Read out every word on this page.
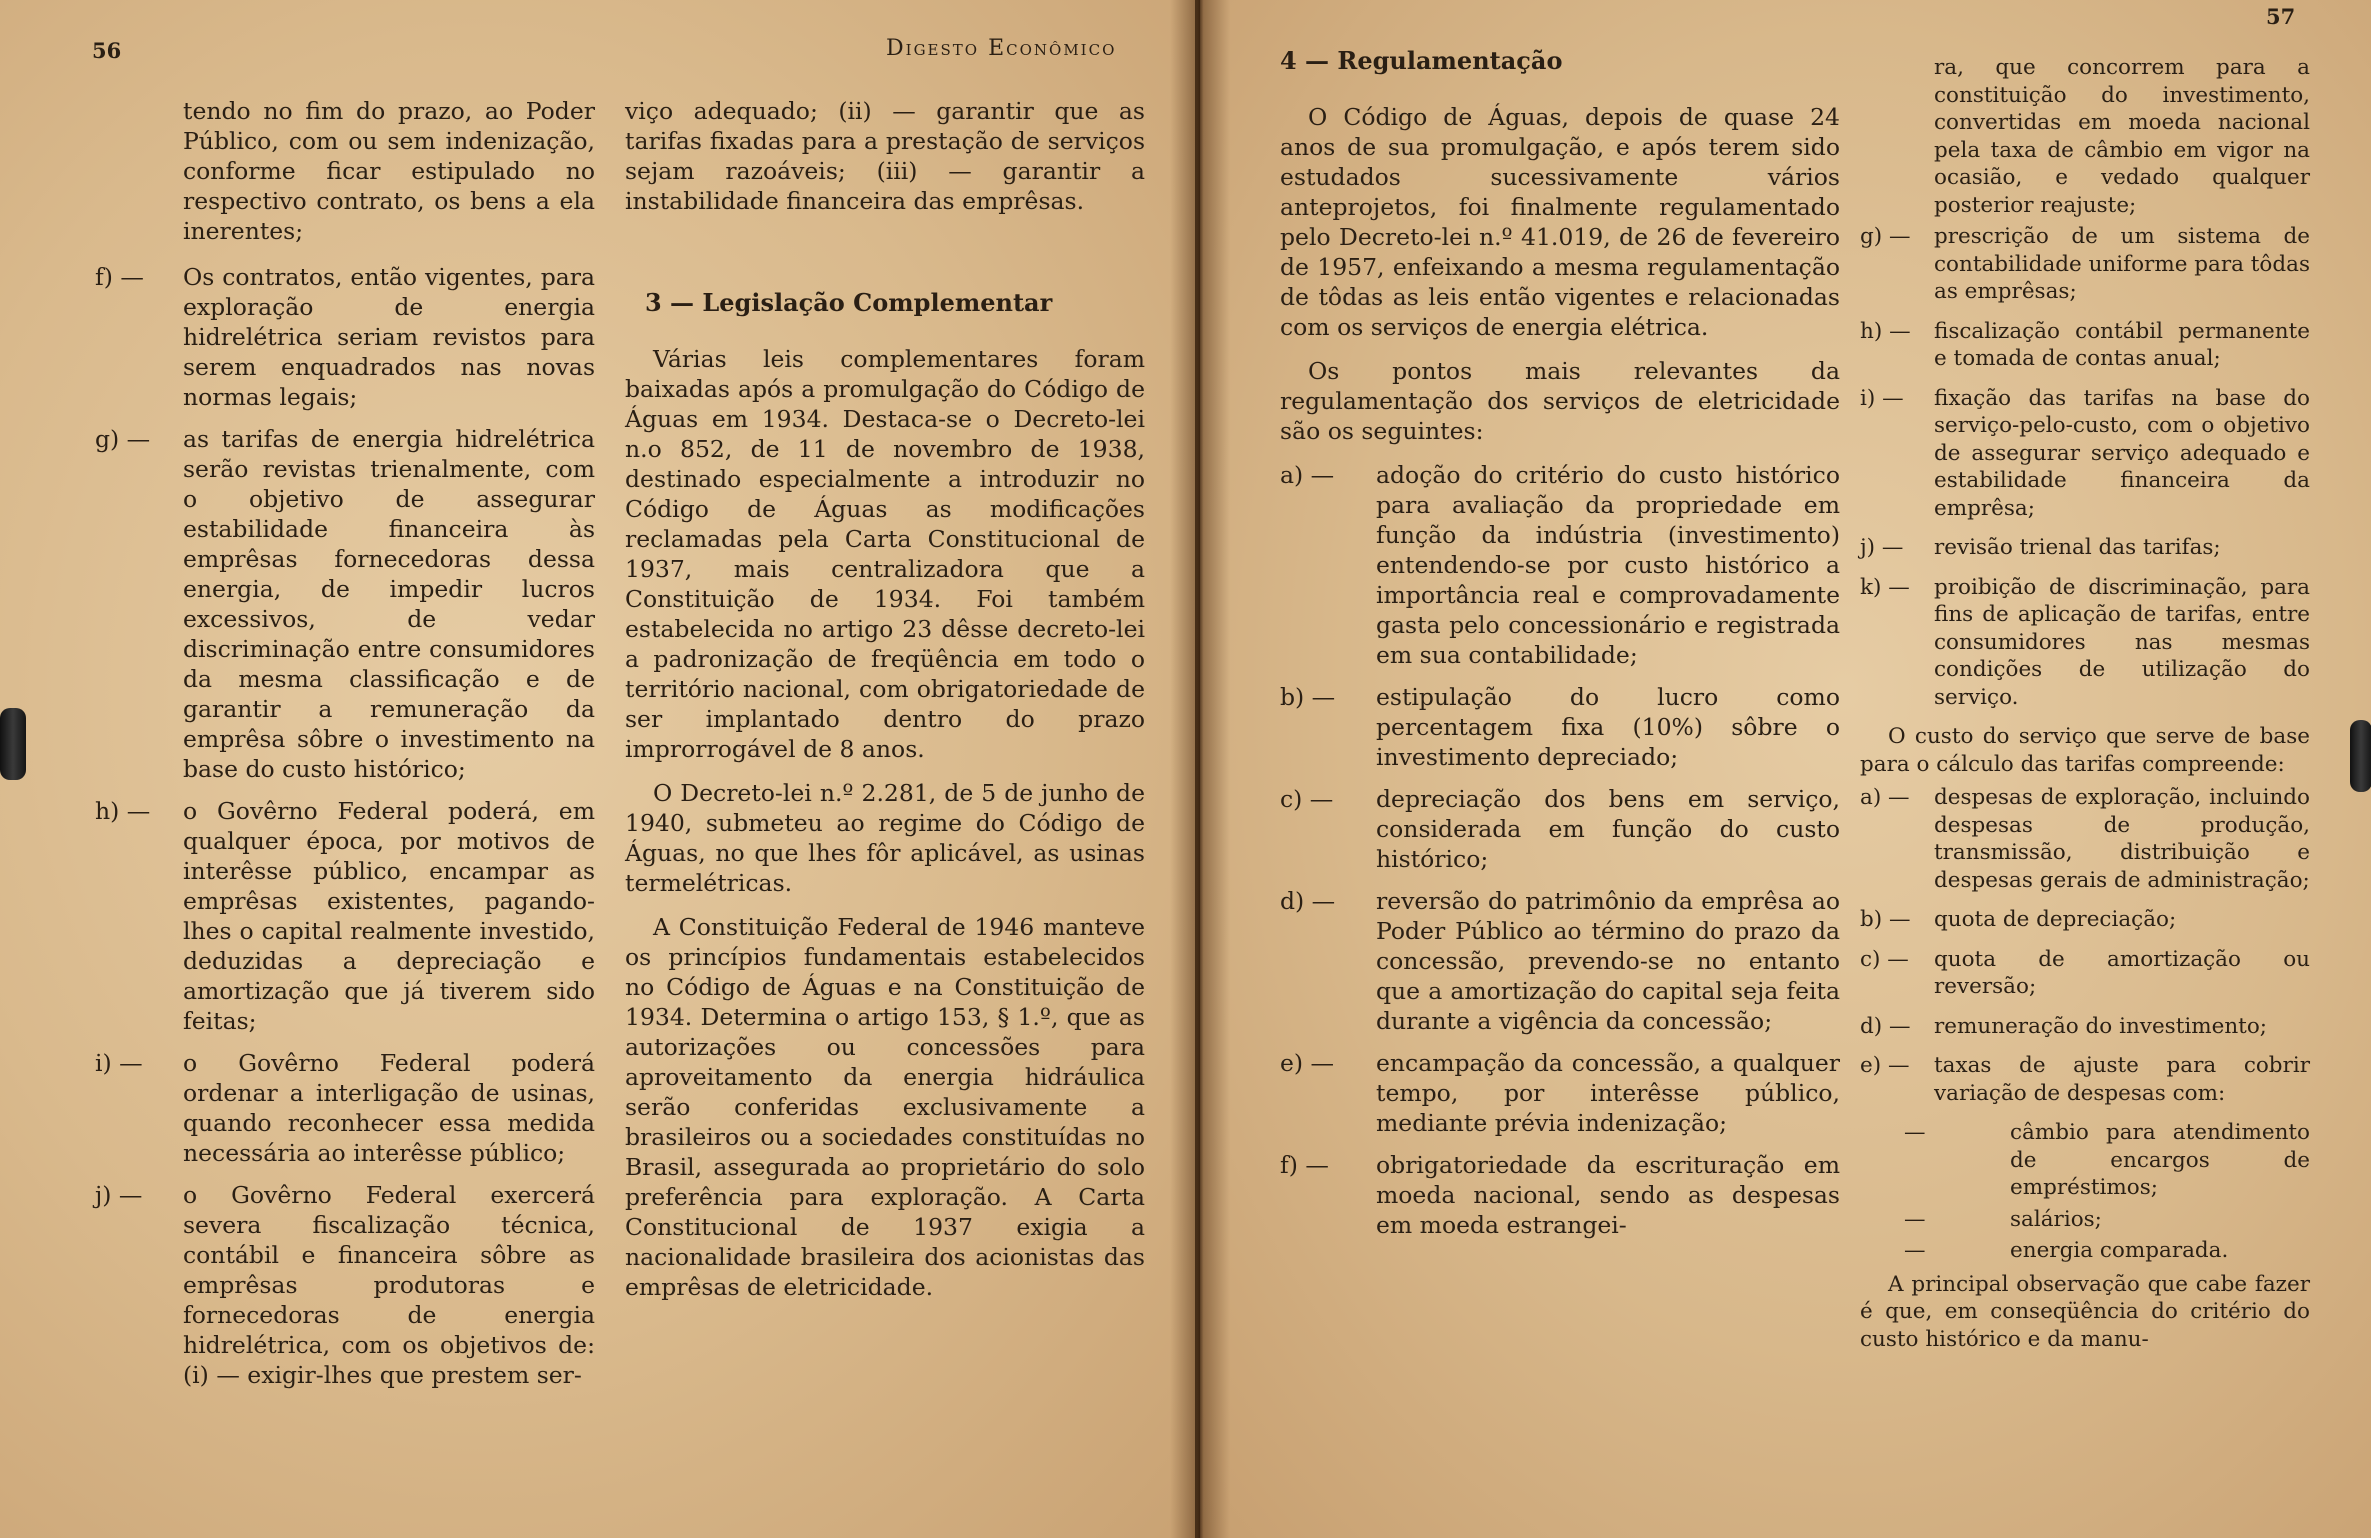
56	Digesto Econômico
tendo no fim do prazo, ao Poder Público, com ou sem indenização, conforme ficar estipulado no respectivo contrato, os bens a ela inerentes;
f) —	Os contratos, então vigentes, para exploração de energia hidrelétrica seriam revistos para serem enquadrados nas novas normas legais;
g) —	as tarifas de energia hidrelétrica serão revistas trienalmente, com o objetivo de assegurar estabilidade financeira às emprêsas fornecedoras dessa energia, de impedir lucros excessivos, de vedar discriminação entre consumidores da mesma classificação e de garantir a remuneração da emprêsa sôbre o investimento na base do custo histórico;
h) —	o Govêrno Federal poderá, em qualquer época, por motivos de interêsse público, encampar as emprêsas existentes, pagando-lhes o capital realmente investido, deduzidas a depreciação e amortização que já tiverem sido feitas;
i) —	o Govêrno Federal poderá ordenar a interligação de usinas, quando reconhecer essa medida necessária ao interêsse público;
j) —	o Govêrno Federal exercerá severa fiscalização técnica, contábil e financeira sôbre as emprêsas produtoras e fornecedoras de energia hidrelétrica, com os objetivos de: (i) — exigir-lhes que prestem ser-
viço adequado; (ii) — garantir que as tarifas fixadas para a prestação de serviços sejam razoáveis; (iii) — garantir a instabilidade financeira das emprêsas.
3 — Legislação Complementar

Várias leis complementares foram baixadas após a promulgação do Código de Águas em 1934. Destaca-se o Decreto-lei n.o 852, de 11 de novembro de 1938, destinado especialmente a introduzir no Código de Águas as modificações reclamadas pela Carta Constitucional de 1937, mais centralizadora que a Constituição de 1934. Foi também estabelecida no artigo 23 dêsse decreto-lei a padronização de freqüência em todo o território nacional, com obrigatoriedade de ser implantado dentro do prazo improrrogável de 8 anos.

O Decreto-lei n.º 2.281, de 5 de junho de 1940, submeteu ao regime do Código de Águas, no que lhes fôr aplicável, as usinas termelétricas.

A Constituição Federal de 1946 manteve os princípios fundamentais estabelecidos no Código de Águas e na Constituição de 1934. Determina o artigo 153, § 1.º, que as autorizações ou concessões para aproveitamento da energia hidráulica serão conferidas exclusivamente a brasileiros ou a sociedades constituídas no Brasil, assegurada ao proprietário do solo preferência para exploração. A Carta Constitucional de 1937 exigia a nacionalidade brasileira dos acionistas das emprêsas de eletricidade.

57
4 — Regulamentação

O Código de Águas, depois de quase 24 anos de sua promulgação, e após terem sido estudados sucessivamente vários anteprojetos, foi finalmente regulamentado pelo Decreto-lei n.º 41.019, de 26 de fevereiro de 1957, enfeixando a mesma regulamentação de tôdas as leis então vigentes e relacionadas com os serviços de energia elétrica.

Os pontos mais relevantes da regulamentação dos serviços de eletricidade são os seguintes:

a) —	adoção do critério do custo histórico para avaliação da propriedade em função da indústria (investimento) entendendo-se por custo histórico a importância real e comprovadamente gasta pelo concessionário e registrada em sua contabilidade;
b) —	estipulação do lucro como percentagem fixa (10%) sôbre o investimento depreciado;
c) —	depreciação dos bens em serviço, considerada em função do custo histórico;
d) —	reversão do patrimônio da emprêsa ao Poder Público ao término do prazo da concessão, prevendo-se no entanto que a amortização do capital seja feita durante a vigência da concessão;
e) —	encampação da concessão, a qualquer tempo, por interêsse público, mediante prévia indenização;
f) —	obrigatoriedade da escrituração em moeda nacional, sendo as despesas em moeda estrangei-
ra, que concorrem para a constituição do investimento, convertidas em moeda nacional pela taxa de câmbio em vigor na ocasião, e vedado qualquer posterior reajuste;
g) —	prescrição de um sistema de contabilidade uniforme para tôdas as emprêsas;
h) —	fiscalização contábil permanente e tomada de contas anual;
i) —	fixação das tarifas na base do serviço-pelo-custo, com o objetivo de assegurar serviço adequado e estabilidade financeira da emprêsa;
j) —	revisão trienal das tarifas;
k) —	proibição de discriminação, para fins de aplicação de tarifas, entre consumidores nas mesmas condições de utilização do serviço.

O custo do serviço que serve de base para o cálculo das tarifas compreende:

a) —	despesas de exploração, incluindo despesas de produção, transmissão, distribuição e despesas gerais de administração;
b) —	quota de depreciação;
c) —	quota de amortização ou reversão;
d) —	remuneração do investimento;
e) —	taxas de ajuste para cobrir variação de despesas com:
—	câmbio para atendimento de encargos de empréstimos;
—	salários;
—	energia comparada.

A principal observação que cabe fazer é que, em conseqüência do critério do custo histórico e da manu-
